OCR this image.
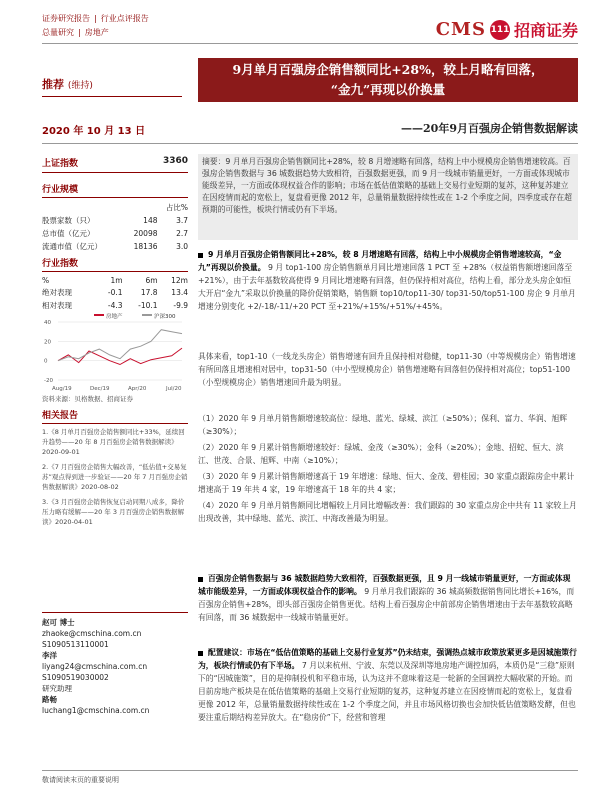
证券研究报告 | 行业点评报告
总量研究 | 房地产	CMS 111 招商证券
推荐 (维持)
9月单月百强房企销售额同比+28%，较上月略有回落，
“金九”再现以价换量
2020 年 10 月 13 日	——20年9月百强房企销售数据解读
上证指数	3360
行业规模
		占比%
股票家数（只）	148	3.7
总市值（亿元）	20098	2.7
流通市值（亿元）	18136	3.0
行业指数
%	1m	6m	12m
绝对表现	-0.1	17.8	13.4
相对表现	-4.3	-10.1	-9.9
房地产	沪深300
40
20
0
-20
Aug/19	Dec/19	Apr/20	Jul/20
资料来源：贝格数据、招商证券
相关报告
1.《8 月单月百强房企销售额同比+33%，延续回升趋势——20 年 8 月百强房企销售数据解读》2020-09-01
2.《7 月百强房企销售大幅改善，“低估值+交易复苏”观点得到进一步验证——20 年 7 月百强房企销售数据解读》2020-08-02
3.《3 月百强房企销售恢复启动同期八成多，降价压力略有缓解——20 年 3 月百强房企销售数据解读》2020-04-01
赵可 博士
zhaoke@cmschina.com.cn
S1090513110001
李洋
liyang24@cmschina.com.cn
S1090519030002
研究助理
路畅
luchang1@cmschina.com.cn
摘要：9 月单月百强房企销售额同比+28%，较 8 月增速略有回落，结构上中小规模房企销售增速较高。百强房企销售数据与 36 城数据趋势大致相符，百强数据更强，而 9 月一线城市销量更好，一方面或体现城市能级差异，一方面或体现权益合作的影响；市场在低估值策略的基础上交易行业短期的复苏，这种复苏建立在因疫情而起的宽松上，复盘看更像 2012 年，总量销量数据持续性或在 1-2 个季度之间，四季度或存在超预期的可能性，板块行情或仍有下半场。
9 月单月百强房企销售额同比+28%，较 8 月增速略有回落，结构上中小规模房企销售增速较高，“金九”再现以价换量。 9 月 top1-100 房企销售额单月同比增速回落 1 PCT 至 +28%（权益销售额增速回落至 +21%），由于去年基数较高使得 9 月同比增速略有回落，但仍保持相对高位，结构上看，部分龙头房企如恒大开启“金九”采取以价换量的降价促销策略，销售额 top10/top11-30/ top31-50/top51-100 房企 9 月单月增速分别变化 +2/-18/-11/+20 PCT 至+21%/+15%/+51%/+45%。
具体来看，top1-10（一线龙头房企）销售增速有回升且保持相对稳健，top11-30（中等规模房企）销售增速有所回落且增速相对居中，top31-50（中小型规模房企）销售增速略有回落但仍保持相对高位；top51-100（小型规模房企）销售增速回升最为明显。
（1）2020 年 9 月单月销售额增速较高位：绿地、蓝光、绿城、滨江（≥50%）；保利、富力、华润、旭辉（≥30%）；
（2）2020 年 9 月累计销售额增速较好：绿城、金茂（≥30%）；金科（≥20%）；金地、招蛇、恒大、滨江、世茂、合景、旭辉、中南（≥10%）；
（3）2020 年 9 月累计销售额增速高于 19 年增速：绿地、恒大、金茂、碧桂园；30 家重点跟踪房企中累计增速高于 19 年共 4 家，19 年增速高于 18 年的共 4 家；
（4）2020 年 9 月单月销售额同比增幅较上月同比增幅改善：我们跟踪的 30 家重点房企中共有 11 家较上月出现改善，其中绿地、蓝光、滨江、中海改善最为明显。
百强房企销售数据与 36 城数据趋势大致相符，百强数据更强，且 9 月一线城市销量更好，一方面或体现城市能级差异，一方面或体现权益合作的影响。 9 月单月我们跟踪的 36 城高频数据销售同比增长+16%，而百强房企销售+28%，即头部百强房企销售更优。结构上看百强房企中前部房企销售增速由于去年基数较高略有回落，而 36 城数据中一线城市销量更好。
配置建议：市场在“低估值策略的基础上交易行业复苏”仍未结束，强调热点城市政策放紧更多是因城施策行为，板块行情或仍有下半场。 7 月以来杭州、宁波、东莞以及深圳等地房地产调控加码，本质仍是“三稳”原则下的“因城施策”，目的是抑制投机和平稳市场，认为这并不意味着这是一轮新的全国调控大幅收紧的开始。而目前房地产板块是在低估值策略的基础上交易行业短期的复苏，这种复苏建立在因疫情而起的宽松上，复盘看更像 2012 年，总量销量数据持续性或在 1-2 个季度之间，并且市场风格切换也会加快低估值策略发酵，但也要注重后期结构差异放大。在“稳房价”下，经营和管理
敬请阅读末页的重要说明
